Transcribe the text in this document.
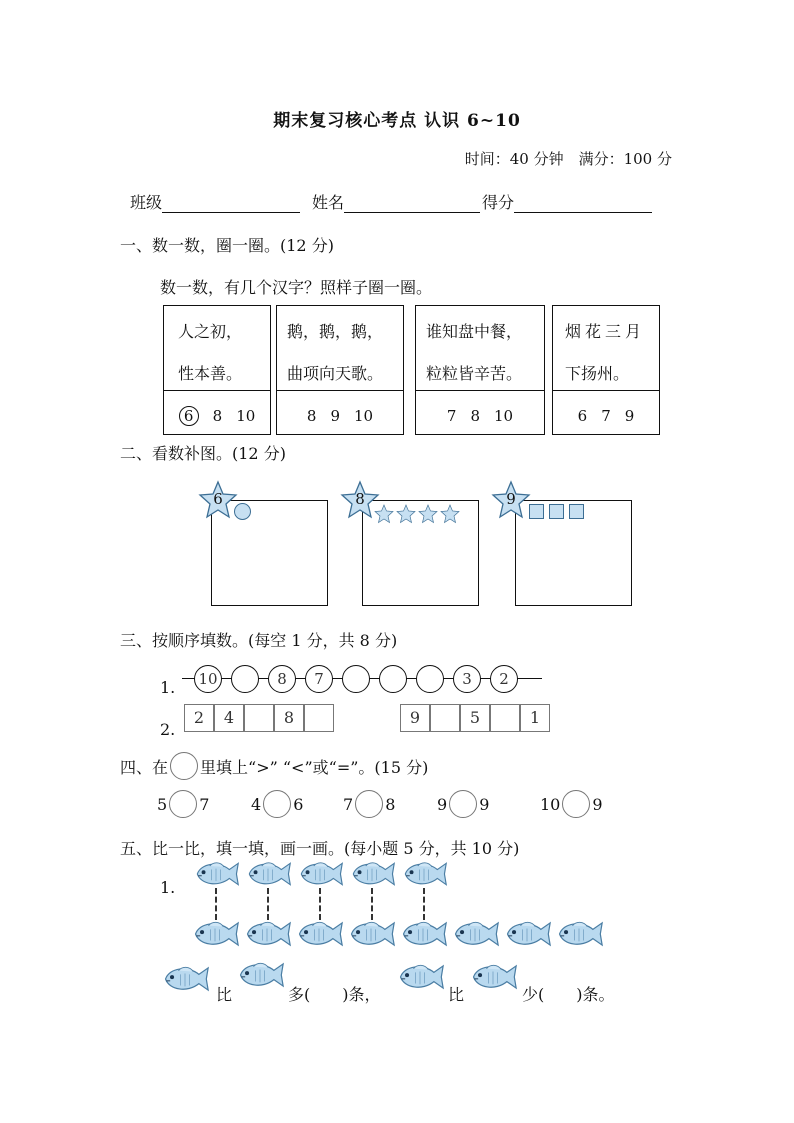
期末复习核心考点 认识 6~10
时间：40 分钟　满分：100 分
班级	姓名	得分
一、数一数，圈一圈。(12 分)
数一数，有几个汉字？照样子圈一圈。
人之初，
性本善。
6	8 10
鹅，鹅，鹅，
曲项向天歌。
8 9 10
谁知盘中餐，
粒粒皆辛苦。
7 8 10
烟花三月
下扬州。
6 7 9
二、看数补图。(12 分)
6	8	9
三、按顺序填数。(每空 1 分，共 8 分)
1. 10	8	7	3	2
2.
2	4	8	9	5	1
四、在 里填上“>” “<”或“=”。(15 分)
5 7	4 6 7 8	9 9	10 9
五、比一比，填一填，画一画。(每小题 5 分，共 10 分)
1.
比	多(　　)条，	比	少(　　)条。
